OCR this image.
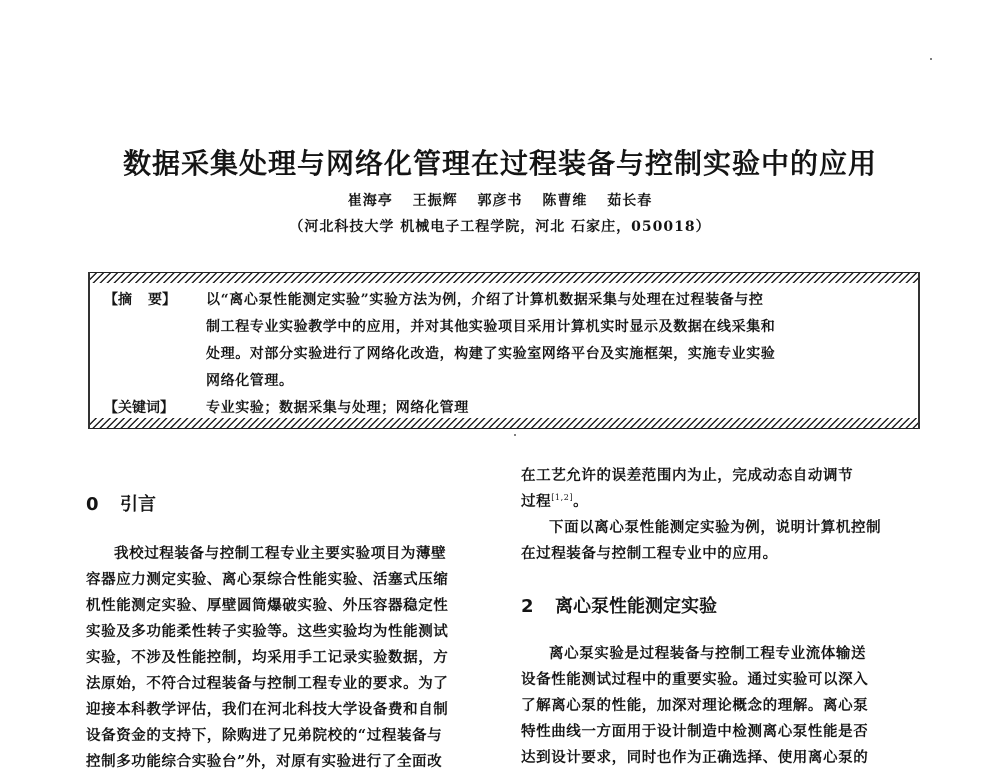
数据采集处理与网络化管理在过程装备与控制实验中的应用
崔海亭 王振辉 郭彦书 陈曹维 茹长春
（河北科技大学 机械电子工程学院，河北 石家庄，050018）
【摘 要】 以“离心泵性能测定实验”实验方法为例，介绍了计算机数据采集与处理在过程装备与控
制工程专业实验教学中的应用，并对其他实验项目采用计算机实时显示及数据在线采集和
处理。对部分实验进行了网络化改造，构建了实验室网络平台及实施框架，实施专业实验
网络化管理。
【关键词】 专业实验；数据采集与处理；网络化管理
0 引言
我校过程装备与控制工程专业主要实验项目为薄壁
容器应力测定实验、离心泵综合性能实验、活塞式压缩
机性能测定实验、厚壁圆筒爆破实验、外压容器稳定性
实验及多功能柔性转子实验等。这些实验均为性能测试
实验，不涉及性能控制，均采用手工记录实验数据，方
法原始，不符合过程装备与控制工程专业的要求。为了
迎接本科教学评估，我们在河北科技大学设备费和自制
设备资金的支持下，除购进了兄弟院校的“过程装备与
控制多功能综合实验台”外，对原有实验进行了全面改
在工艺允许的误差范围内为止，完成动态自动调节
过程[1,2]。
下面以离心泵性能测定实验为例，说明计算机控制
在过程装备与控制工程专业中的应用。
2 离心泵性能测定实验
离心泵实验是过程装备与控制工程专业流体输送
设备性能测试过程中的重要实验。通过实验可以深入
了解离心泵的性能，加深对理论概念的理解。离心泵
特性曲线一方面用于设计制造中检测离心泵性能是否
达到设计要求，同时也作为正确选择、使用离心泵的
